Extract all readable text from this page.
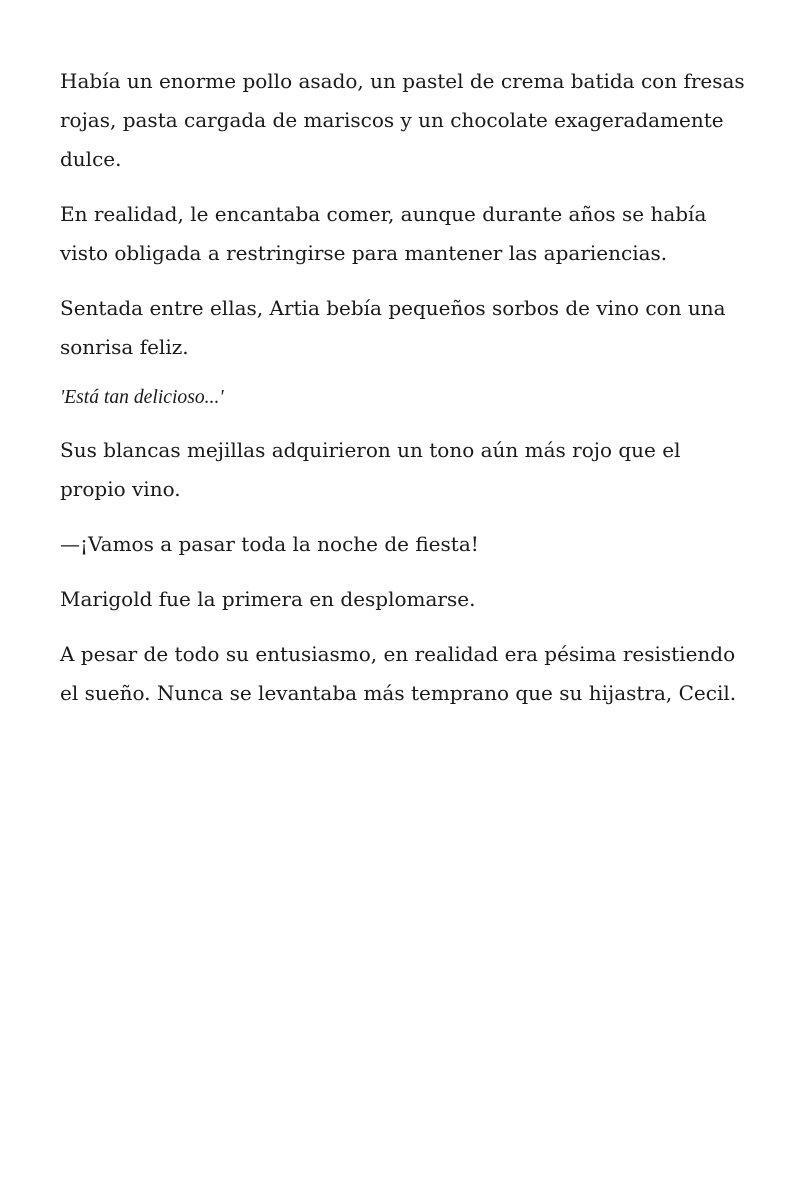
Había un enorme pollo asado, un pastel de crema batida con fresas rojas, pasta cargada de mariscos y un chocolate exageradamente dulce.

En realidad, le encantaba comer, aunque durante años se había visto obligada a restringirse para mantener las apariencias.

Sentada entre ellas, Artia bebía pequeños sorbos de vino con una sonrisa feliz.

'Está tan delicioso...'

Sus blancas mejillas adquirieron un tono aún más rojo que el propio vino.

—¡Vamos a pasar toda la noche de fiesta!

Marigold fue la primera en desplomarse.

A pesar de todo su entusiasmo, en realidad era pésima resistiendo el sueño. Nunca se levantaba más temprano que su hijastra, Cecil.
